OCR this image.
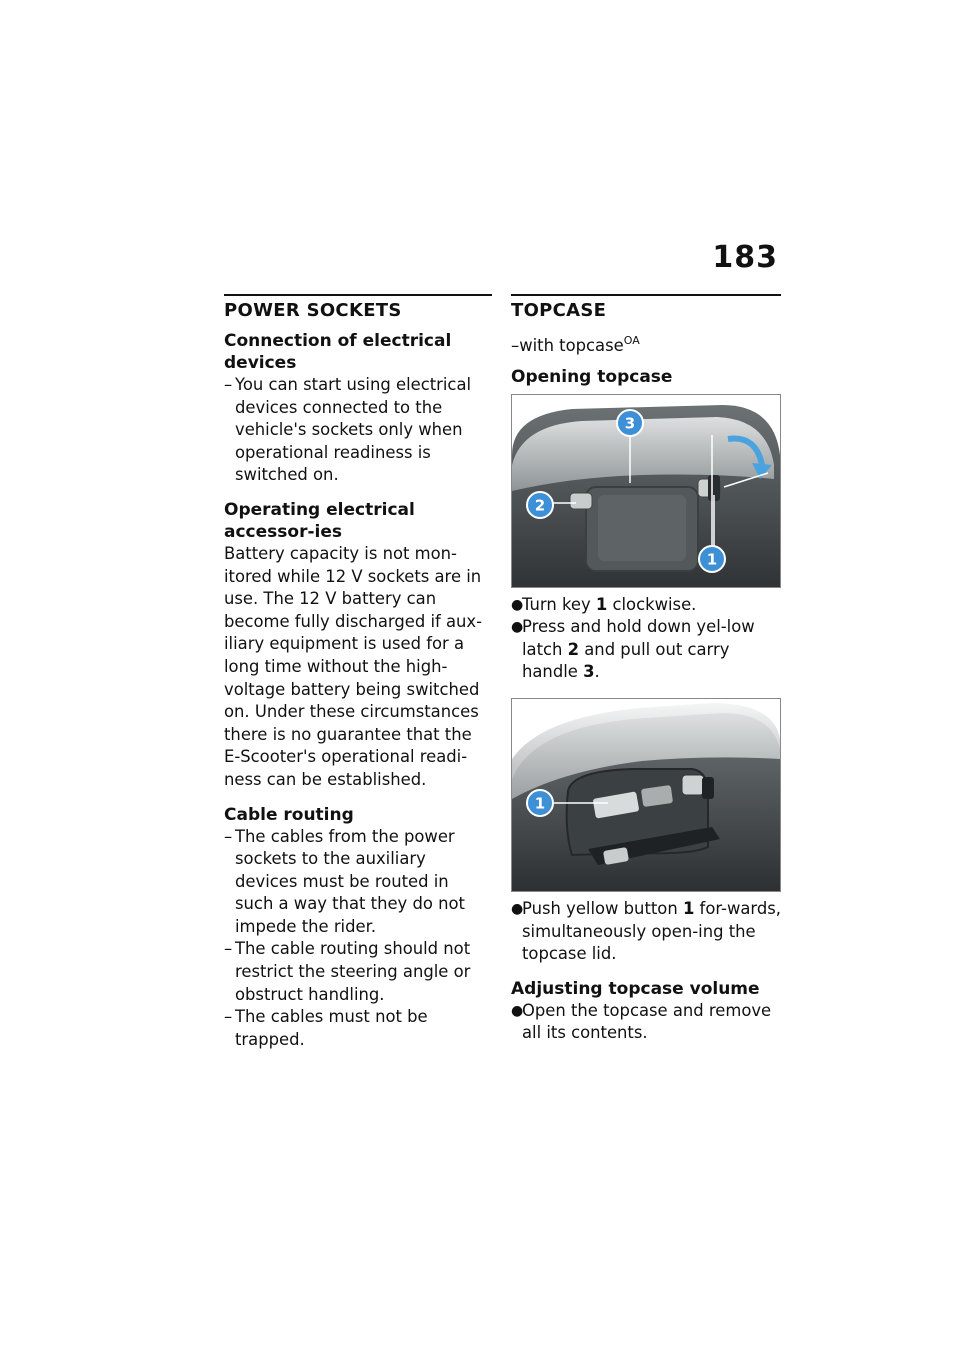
183
POWER SOCKETS
Connection of electrical devices
– You can start using electrical devices connected to the vehicle's sockets only when operational readiness is switched on.
Operating electrical accessor-ies

Battery capacity is not mon-itored while 12 V sockets are in use. The 12 V battery can become fully discharged if aux-iliary equipment is used for a long time without the high-voltage battery being switched on. Under these circumstances there is no guarantee that the E-Scooter's operational readi-ness can be established.

Cable routing
– The cables from the power sockets to the auxiliary devices must be routed in such a way that they do not impede the rider.
– The cable routing should not restrict the steering angle or obstruct handling.
– The cables must not be trapped.
TOPCASE

–with topcase$^{OA}$

Opening topcase
3
2
1
●
Turn key 1 clockwise.
●
Press and hold down yel-low latch 2 and pull out carry handle 3.
1
●
Push yellow button 1 for-wards, simultaneously open-ing the topcase lid.
Adjusting topcase volume
●
Open the topcase and remove all its contents.
